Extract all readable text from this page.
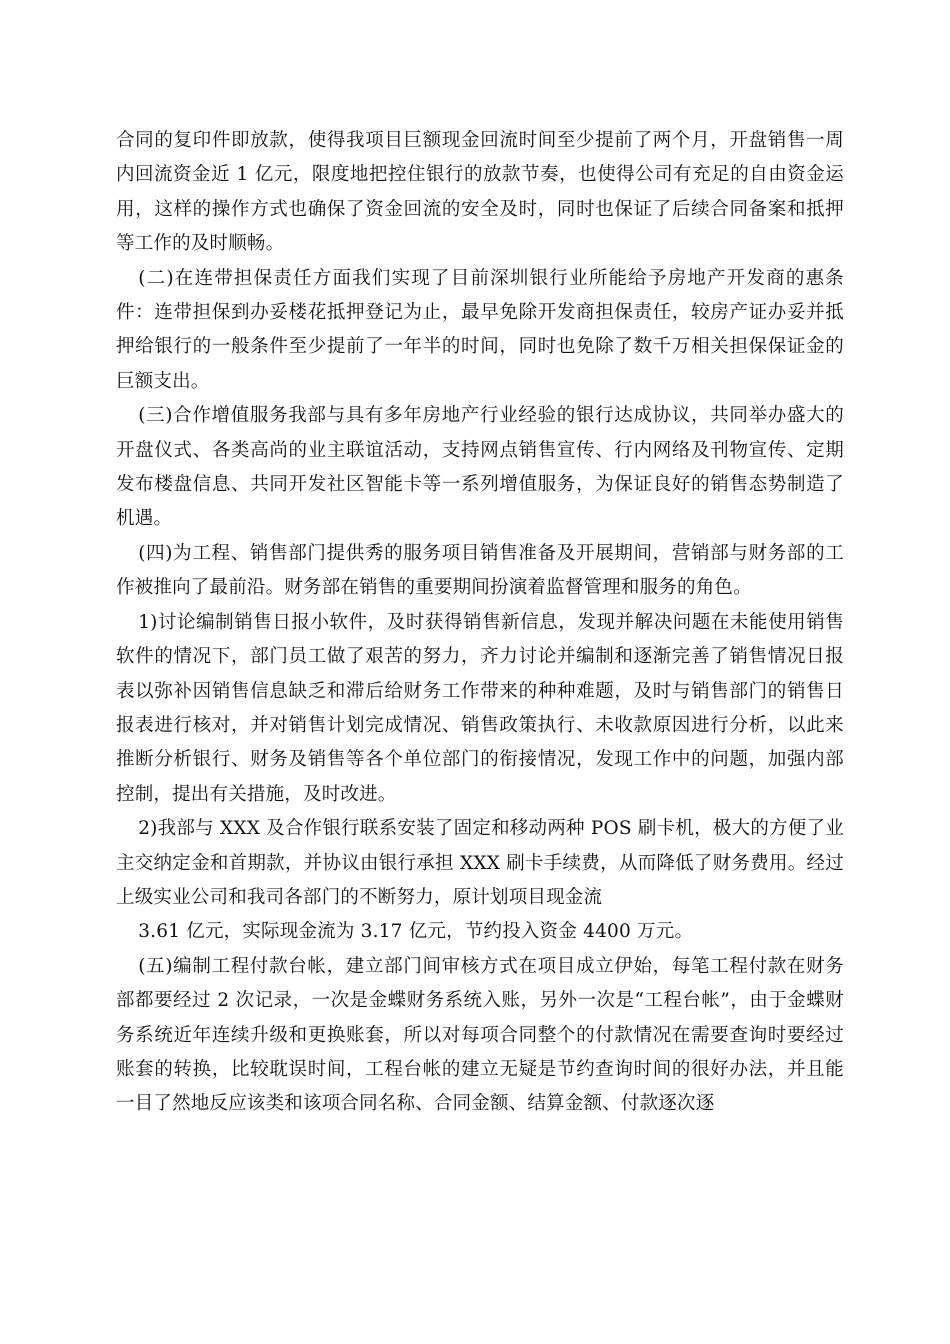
合同的复印件即放款，使得我项目巨额现金回流时间至少提前了两个月，开盘销售一周内回流资金近 1 亿元，限度地把控住银行的放款节奏，也使得公司有充足的自由资金运用，这样的操作方式也确保了资金回流的安全及时，同时也保证了后续合同备案和抵押等工作的及时顺畅。

(二)在连带担保责任方面我们实现了目前深圳银行业所能给予房地产开发商的惠条件：连带担保到办妥楼花抵押登记为止，最早免除开发商担保责任，较房产证办妥并抵押给银行的一般条件至少提前了一年半的时间，同时也免除了数千万相关担保保证金的巨额支出。

(三)合作增值服务我部与具有多年房地产行业经验的银行达成协议，共同举办盛大的开盘仪式、各类高尚的业主联谊活动，支持网点销售宣传、行内网络及刊物宣传、定期发布楼盘信息、共同开发社区智能卡等一系列增值服务，为保证良好的销售态势制造了机遇。

(四)为工程、销售部门提供秀的服务项目销售准备及开展期间，营销部与财务部的工作被推向了最前沿。财务部在销售的重要期间扮演着监督管理和服务的角色。

1)讨论编制销售日报小软件，及时获得销售新信息，发现并解决问题在未能使用销售软件的情况下，部门员工做了艰苦的努力，齐力讨论并编制和逐渐完善了销售情况日报表以弥补因销售信息缺乏和滞后给财务工作带来的种种难题，及时与销售部门的销售日报表进行核对，并对销售计划完成情况、销售政策执行、未收款原因进行分析，以此来推断分析银行、财务及销售等各个单位部门的衔接情况，发现工作中的问题，加强内部控制，提出有关措施，及时改进。

2)我部与 XXX 及合作银行联系安装了固定和移动两种 POS 刷卡机，极大的方便了业主交纳定金和首期款，并协议由银行承担 XXX 刷卡手续费，从而降低了财务费用。经过上级实业公司和我司各部门的不断努力，原计划项目现金流

3.61 亿元，实际现金流为 3.17 亿元，节约投入资金 4400 万元。

(五)编制工程付款台帐，建立部门间审核方式在项目成立伊始，每笔工程付款在财务部都要经过 2 次记录，一次是金蝶财务系统入账，另外一次是“工程台帐”，由于金蝶财务系统近年连续升级和更换账套，所以对每项合同整个的付款情况在需要查询时要经过账套的转换，比较耽误时间，工程台帐的建立无疑是节约查询时间的很好办法，并且能一目了然地反应该类和该项合同名称、合同金额、结算金额、付款逐次逐
